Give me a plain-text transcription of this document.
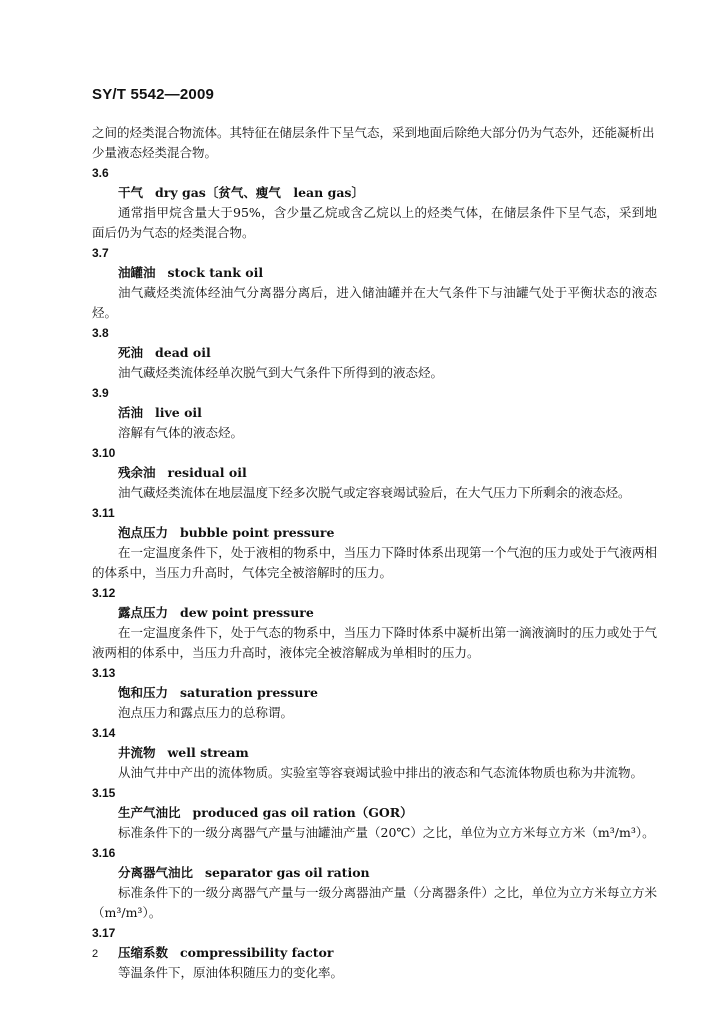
SY/T 5542—2009

之间的烃类混合物流体。其特征在储层条件下呈气态，采到地面后除绝大部分仍为气态外，还能凝析出少量液态烃类混合物。

3.6

干气 dry gas〔贫气、瘦气　lean gas〕

通常指甲烷含量大于95%，含少量乙烷或含乙烷以上的烃类气体，在储层条件下呈气态，采到地面后仍为气态的烃类混合物。

3.7

油罐油 stock tank oil

油气藏烃类流体经油气分离器分离后，进入储油罐并在大气条件下与油罐气处于平衡状态的液态烃。

3.8

死油 dead oil

油气藏烃类流体经单次脱气到大气条件下所得到的液态烃。

3.9

活油 live oil

溶解有气体的液态烃。

3.10

残余油 residual oil

油气藏烃类流体在地层温度下经多次脱气或定容衰竭试验后，在大气压力下所剩余的液态烃。

3.11

泡点压力 bubble point pressure

在一定温度条件下，处于液相的物系中，当压力下降时体系出现第一个气泡的压力或处于气液两相的体系中，当压力升高时，气体完全被溶解时的压力。

3.12

露点压力 dew point pressure

在一定温度条件下，处于气态的物系中，当压力下降时体系中凝析出第一滴液滴时的压力或处于气液两相的体系中，当压力升高时，液体完全被溶解成为单相时的压力。

3.13

饱和压力 saturation pressure

泡点压力和露点压力的总称谓。

3.14

井流物 well stream

从油气井中产出的流体物质。实验室等容衰竭试验中排出的液态和气态流体物质也称为井流物。

3.15

生产气油比 produced gas oil ration（GOR）

标准条件下的一级分离器气产量与油罐油产量（20℃）之比，单位为立方米每立方米（m³/m³）。

3.16

分离器气油比 separator gas oil ration

标准条件下的一级分离器气产量与一级分离器油产量（分离器条件）之比，单位为立方米每立方米（m³/m³）。

3.17

压缩系数 compressibility factor

等温条件下，原油体积随压力的变化率。

2
